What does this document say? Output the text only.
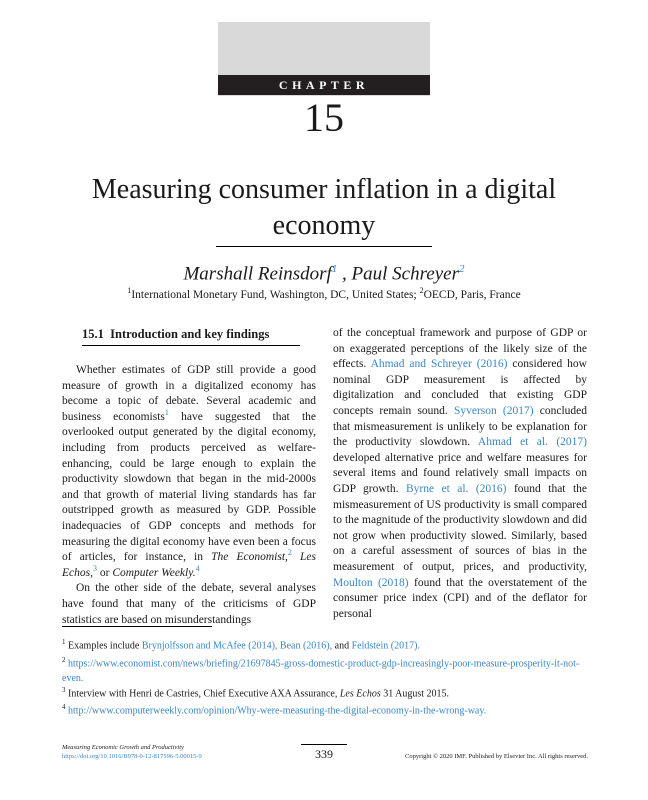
CHAPTER
15
Measuring consumer inflation in a digital
economy
Marshall Reinsdorf$^1$ , Paul Schreyer$^2$
$^1$International Monetary Fund, Washington, DC, United States; $^2$OECD, Paris, France
15.1 Introduction and key findings

Whether estimates of GDP still provide a good measure of growth in a digitalized economy has become a topic of debate. Several academic and business economists$^1$ have suggested that the overlooked output generated by the digital economy, including from products perceived as welfare-enhancing, could be large enough to explain the productivity slowdown that began in the mid-2000s and that growth of material living standards has far outstripped growth as measured by GDP. Possible inadequacies of GDP concepts and methods for measuring the digital economy have even been a focus of articles, for instance, in The Economist,$^2$ Les Echos,$^3$ or Computer Weekly.$^4$

On the other side of the debate, several analyses have found that many of the criticisms of GDP statistics are based on misunderstandings

of the conceptual framework and purpose of GDP or on exaggerated perceptions of the likely size of the effects. Ahmad and Schreyer (2016) considered how nominal GDP measurement is affected by digitalization and concluded that existing GDP concepts remain sound. Syverson (2017) concluded that mismeasurement is unlikely to be explanation for the productivity slowdown. Ahmad et al. (2017) developed alternative price and welfare measures for several items and found relatively small impacts on GDP growth. Byrne et al. (2016) found that the mismeasurement of US productivity is small compared to the magnitude of the productivity slowdown and did not grow when productivity slowed. Similarly, based on a careful assessment of sources of bias in the measurement of output, prices, and productivity, Moulton (2018) found that the overstatement of the consumer price index (CPI) and of the deflator for personal

$^1$ Examples include Brynjolfsson and McAfee (2014), Bean (2016), and Feldstein (2017).
$^2$ https://www.economist.com/news/briefing/21697845-gross-domestic-product-gdp-increasingly-poor-measure-prosperity-it-not-even.
$^3$ Interview with Henri de Castries, Chief Executive AXA Assurance, Les Echos 31 August 2015.
$^4$ http://www.computerweekly.com/opinion/Why-were-measuring-the-digital-economy-in-the-wrong-way.
Measuring Economic Growth and Productivity
https://doi.org/10.1016/B978-0-12-817596-5.00015-9	339	Copyright © 2020 IMF. Published by Elsevier Inc. All rights reserved.
